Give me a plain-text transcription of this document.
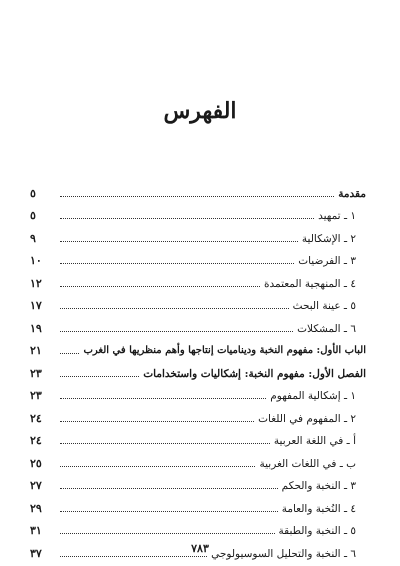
الفهرس
مقدمة
٥
١ ـ تمهيد
٥
٢ ـ الإشكالية
٩
٣ ـ الفرضيات
١٠
٤ ـ المنهجية المعتمدة
١٢
٥ ـ عينة البحث
١٧
٦ ـ المشكلات
١٩
الباب الأول: مفهوم النخبة وديناميات إنتاجها وأهم منظريها في الغرب
٢١
الفصل الأول: مفهوم النخبة: إشكاليات واستخدامات
٢٣
١ ـ إشكالية المفهوم
٢٣
٢ ـ المفهوم في اللغات
٢٤
أ ـ في اللغة العربية
٢٤
ب ـ في اللغات الغربية
٢٥
٣ ـ النخبة والحكم
٢٧
٤ ـ النُخبة والعامة
٢٩
٥ ـ النخبة والطبقة
٣١
٦ ـ النخبة والتحليل السوسيولوجي
٣٧	٧٨٣
